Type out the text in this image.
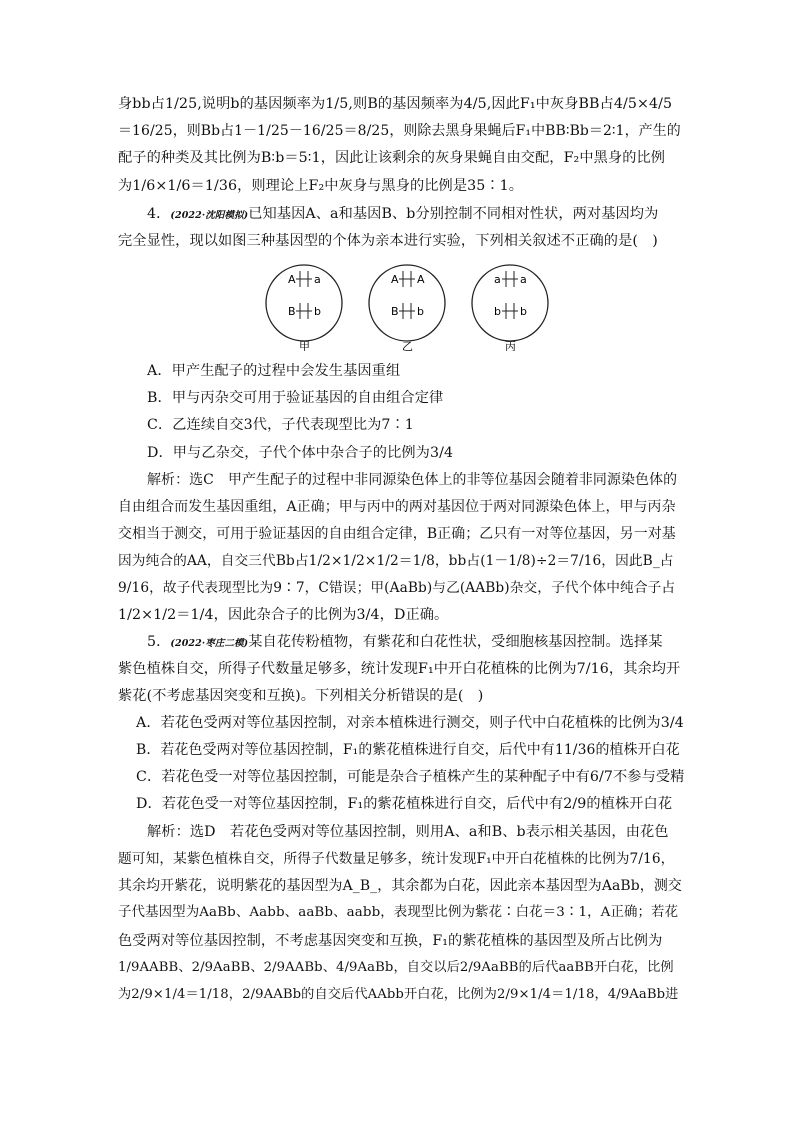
身bb占1/25,说明b的基因频率为1/5,则B的基因频率为4/5,因此F₁中灰身BB占4/5×4/5
＝16/25，则Bb占1－1/25－16/25＝8/25，则除去黑身果蝇后F₁中BB∶Bb＝2∶1，产生的
配子的种类及其比例为B∶b＝5∶1，因此让该剩余的灰身果蝇自由交配，F₂中黑身的比例
为1/6×1/6＝1/36，则理论上F₂中灰身与黑身的比例是35∶1。
4．(2022·沈阳模拟)已知基因A、a和基因B、b分别控制不同相对性状，两对基因均为
完全显性，现以如图三种基因型的个体为亲本进行实验，下列相关叙述不正确的是(　)
A a
B b
甲
A A
B b
乙
a a
b b
丙
A．甲产生配子的过程中会发生基因重组
B．甲与丙杂交可用于验证基因的自由组合定律
C．乙连续自交3代，子代表现型比为7∶1
D．甲与乙杂交，子代个体中杂合子的比例为3/4
解析：选C　甲产生配子的过程中非同源染色体上的非等位基因会随着非同源染色体的
自由组合而发生基因重组，A正确；甲与丙中的两对基因位于两对同源染色体上，甲与丙杂
交相当于测交，可用于验证基因的自由组合定律，B正确；乙只有一对等位基因，另一对基
因为纯合的AA，自交三代Bb占1/2×1/2×1/2＝1/8，bb占(1－1/8)÷2＝7/16，因此B_占
9/16，故子代表现型比为9∶7，C错误；甲(AaBb)与乙(AABb)杂交，子代个体中纯合子占
1/2×1/2＝1/4，因此杂合子的比例为3/4，D正确。
5．(2022·枣庄二模)某自花传粉植物，有紫花和白花性状，受细胞核基因控制。选择某
紫色植株自交，所得子代数量足够多，统计发现F₁中开白花植株的比例为7/16，其余均开
紫花(不考虑基因突变和互换)。下列相关分析错误的是(　)
A．若花色受两对等位基因控制，对亲本植株进行测交，则子代中白花植株的比例为3/4
B．若花色受两对等位基因控制，F₁的紫花植株进行自交，后代中有11/36的植株开白花
C．若花色受一对等位基因控制，可能是杂合子植株产生的某种配子中有6/7不参与受精
D．若花色受一对等位基因控制，F₁的紫花植株进行自交，后代中有2/9的植株开白花
解析：选D　若花色受两对等位基因控制，则用A、a和B、b表示相关基因，由花色
题可知，某紫色植株自交，所得子代数量足够多，统计发现F₁中开白花植株的比例为7/16，
其余均开紫花，说明紫花的基因型为A_B_，其余都为白花，因此亲本基因型为AaBb，测交
子代基因型为AaBb、Aabb、aaBb、aabb，表现型比例为紫花∶白花＝3∶1，A正确；若花
色受两对等位基因控制，不考虑基因突变和互换，F₁的紫花植株的基因型及所占比例为
1/9AABB、2/9AaBB、2/9AABb、4/9AaBb，自交以后2/9AaBB的后代aaBB开白花，比例
为2/9×1/4＝1/18，2/9AABb的自交后代AAbb开白花，比例为2/9×1/4＝1/18，4/9AaBb进
